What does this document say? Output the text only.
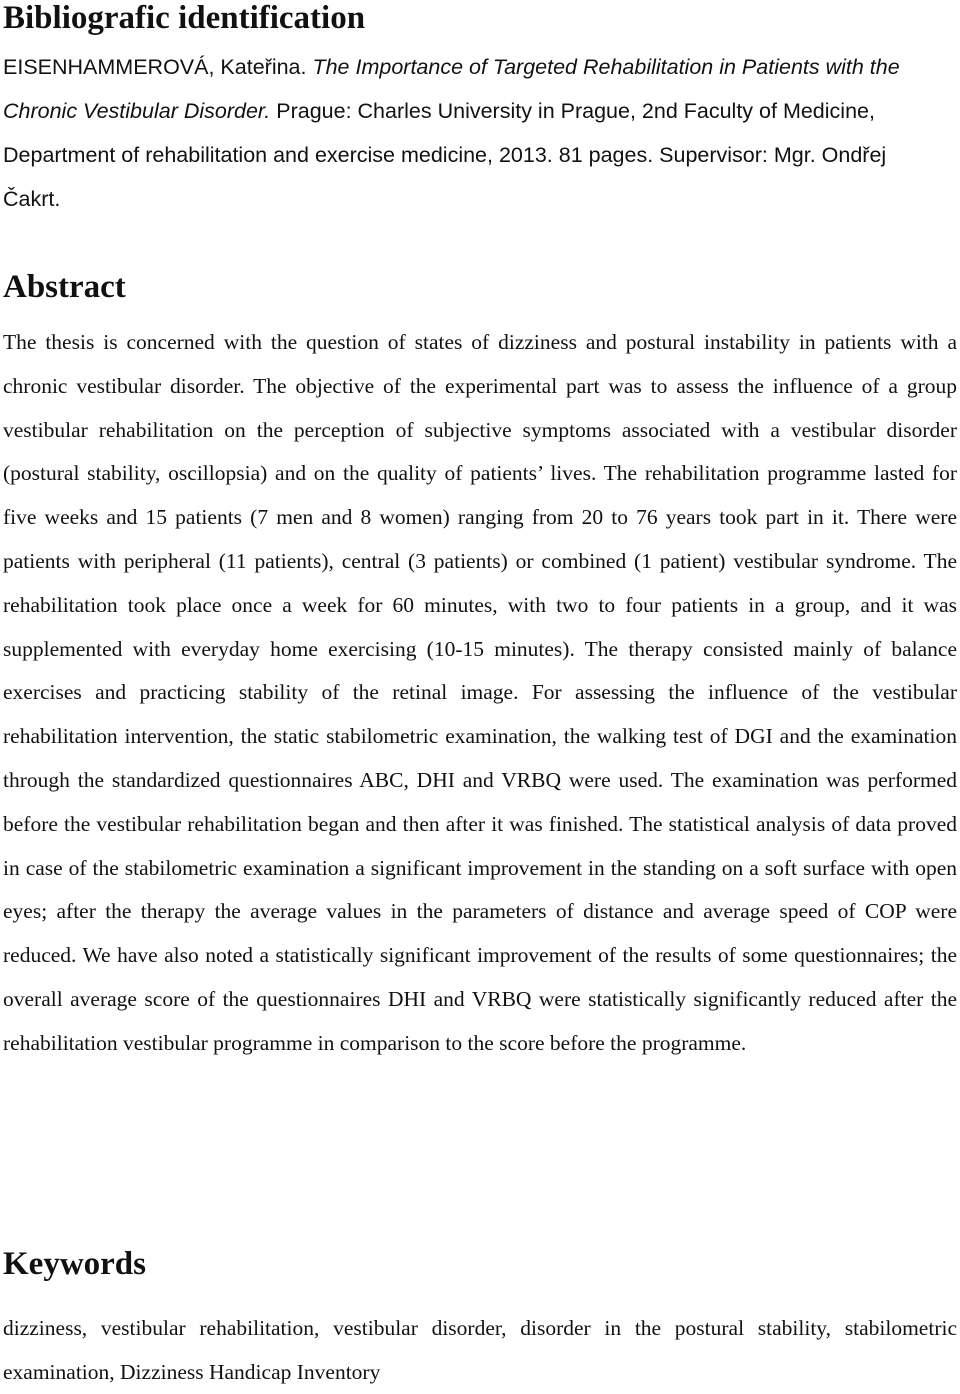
Bibliografic identification

EISENHAMMEROVÁ, Kateřina. The Importance of Targeted Rehabilitation in Patients with the Chronic Vestibular Disorder. Prague: Charles University in Prague, 2nd Faculty of Medicine, Department of rehabilitation and exercise medicine, 2013. 81 pages. Supervisor: Mgr. Ondřej Čakrt.

Abstract

The thesis is concerned with the question of states of dizziness and postural instability in patients with a chronic vestibular disorder. The objective of the experimental part was to assess the influence of a group vestibular rehabilitation on the perception of subjective symptoms associated with a vestibular disorder (postural stability, oscillopsia) and on the quality of patients’ lives. The rehabilitation programme lasted for five weeks and 15 patients (7 men and 8 women) ranging from 20 to 76 years took part in it. There were patients with peripheral (11 patients), central (3 patients) or combined (1 patient) vestibular syndrome. The rehabilitation took place once a week for 60 minutes, with two to four patients in a group, and it was supplemented with everyday home exercising (10-15 minutes). The therapy consisted mainly of balance exercises and practicing stability of the retinal image. For assessing the influence of the vestibular rehabilitation intervention, the static stabilometric examination, the walking test of DGI and the examination through the standardized questionnaires ABC, DHI and VRBQ were used. The examination was performed before the vestibular rehabilitation began and then after it was finished. The statistical analysis of data proved in case of the stabilometric examination a significant improvement in the standing on a soft surface with open eyes; after the therapy the average values in the parameters of distance and average speed of COP were reduced. We have also noted a statistically significant improvement of the results of some questionnaires; the overall average score of the questionnaires DHI and VRBQ were statistically significantly reduced after the rehabilitation vestibular programme in comparison to the score before the programme.

Keywords

dizziness, vestibular rehabilitation, vestibular disorder, disorder in the postural stability, stabilometric examination, Dizziness Handicap Inventory
